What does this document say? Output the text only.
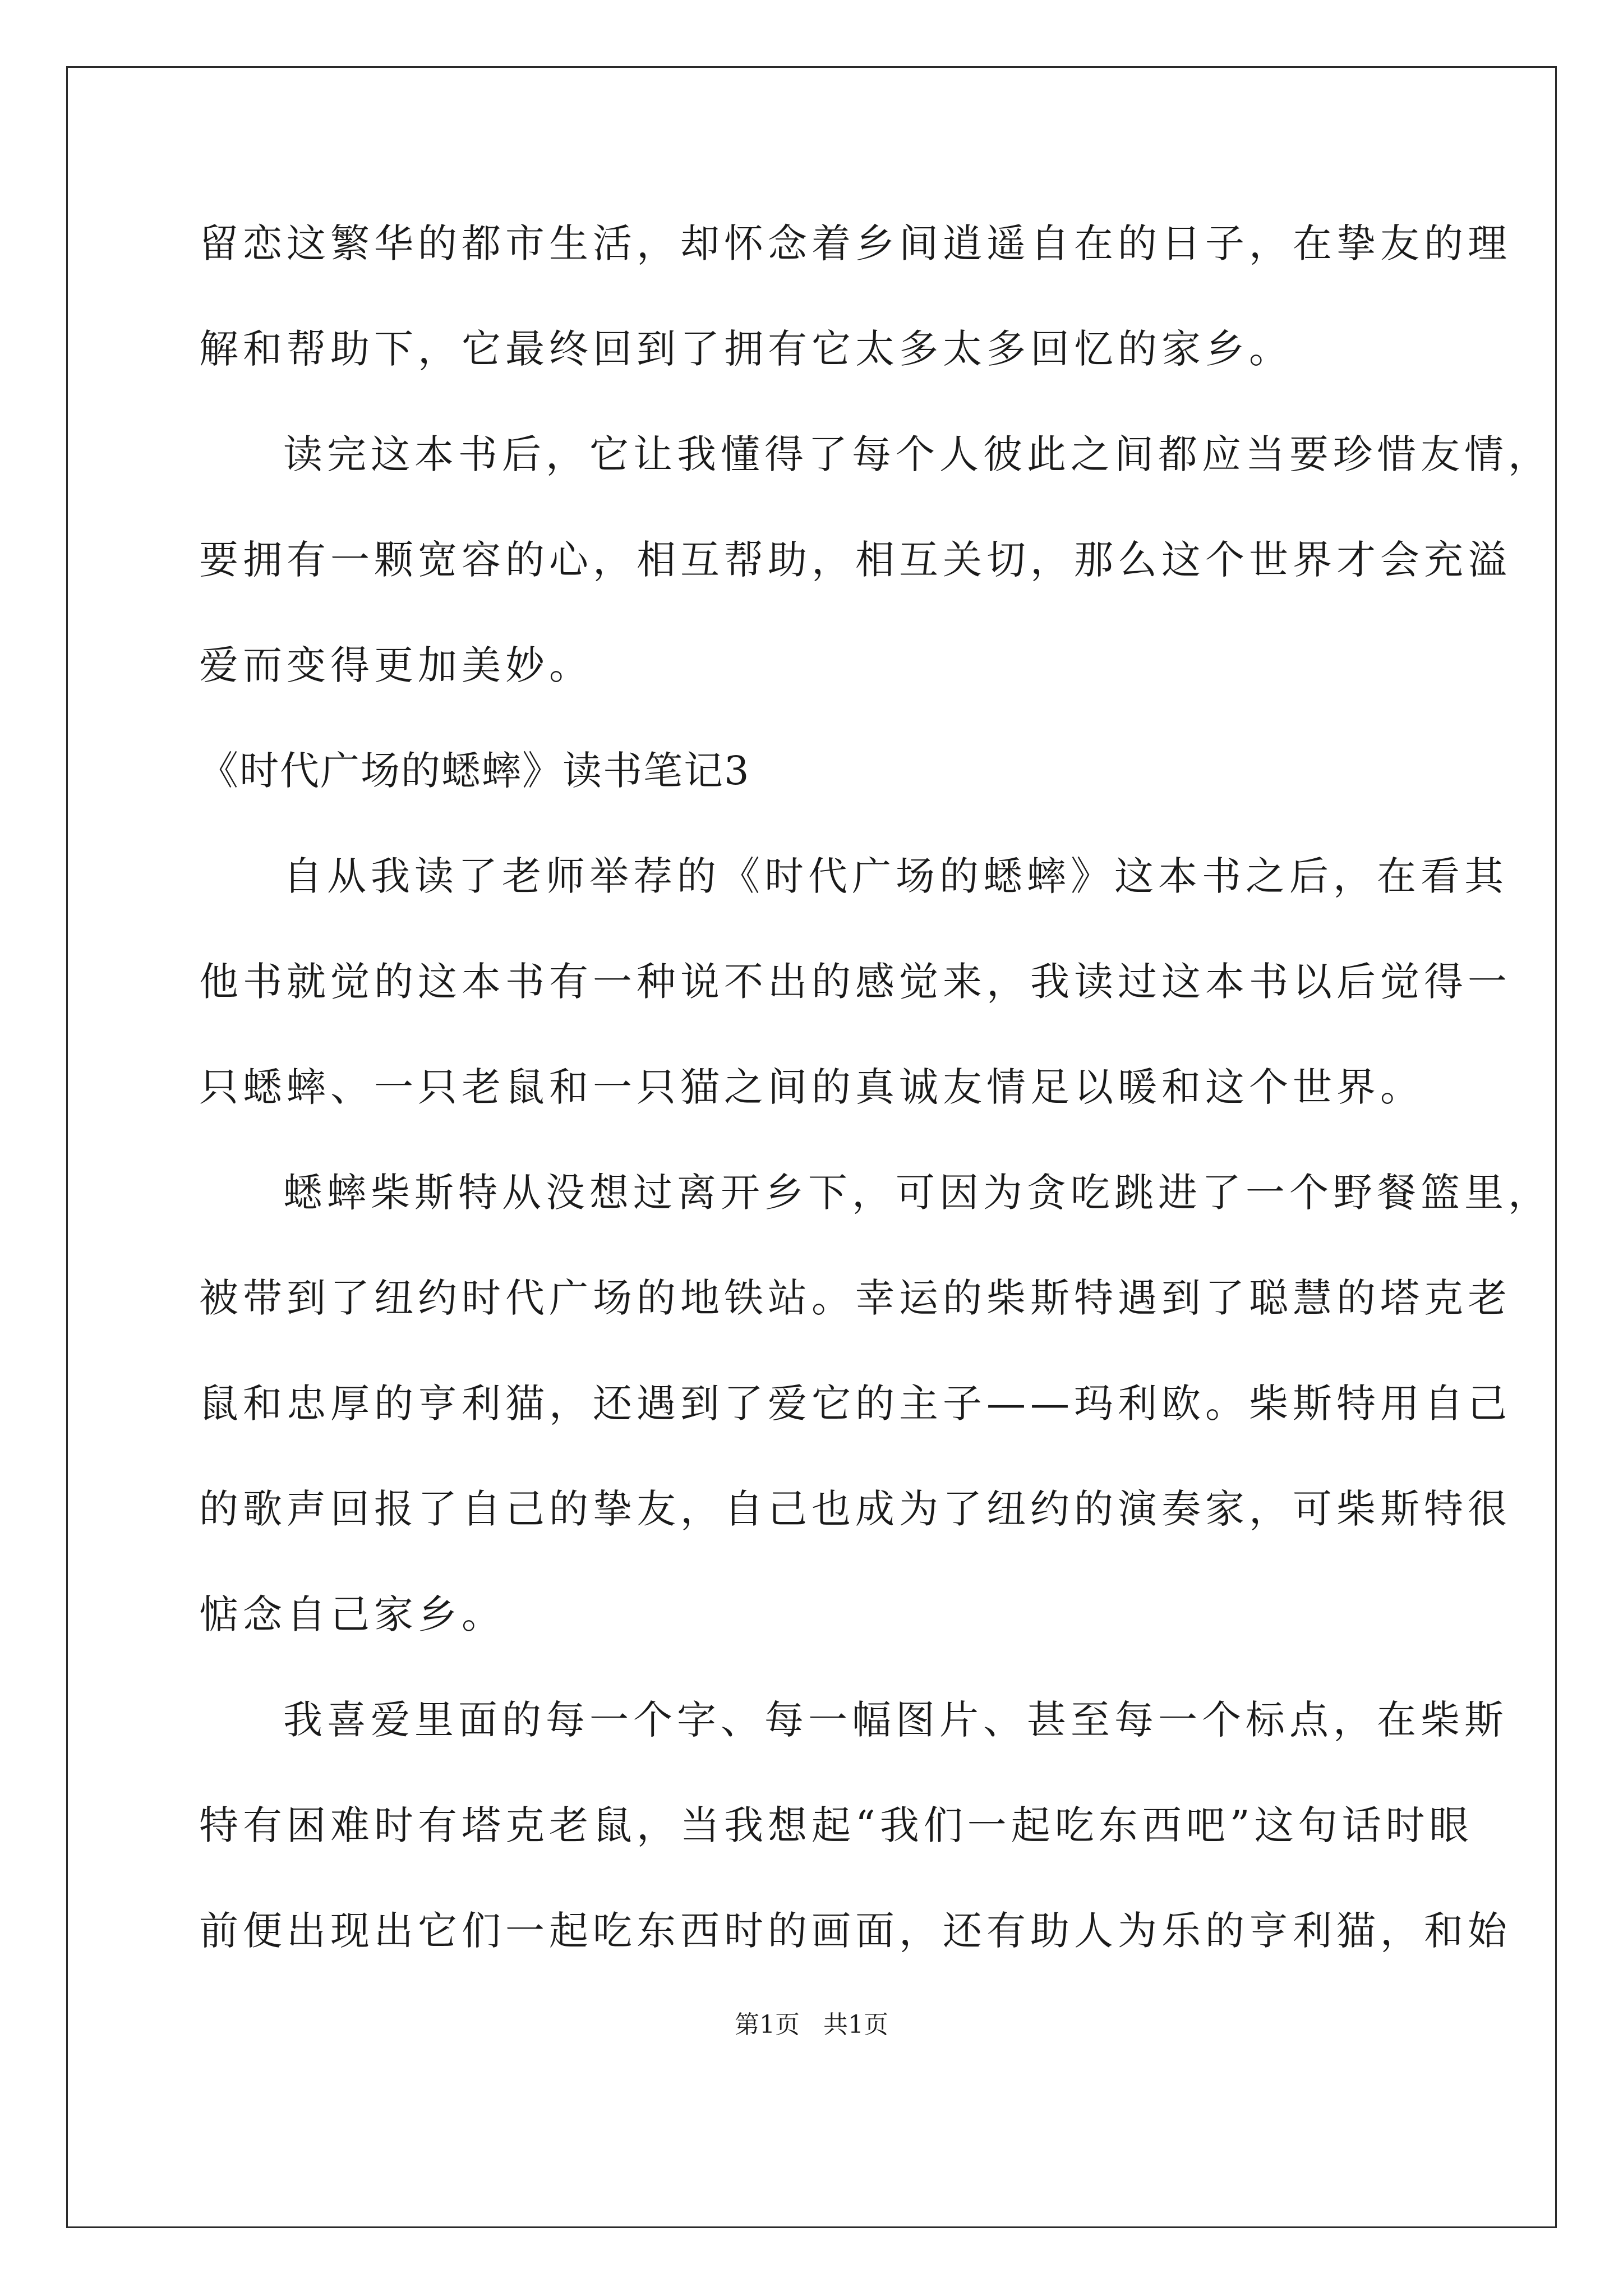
留恋这繁华的都市生活，却怀念着乡间逍遥自在的日子，在挚友的理
解和帮助下，它最终回到了拥有它太多太多回忆的家乡。
读完这本书后，它让我懂得了每个人彼此之间都应当要珍惜友情，
要拥有一颗宽容的心，相互帮助，相互关切，那么这个世界才会充溢
爱而变得更加美妙。
《时代广场的蟋蟀》读书笔记3
自从我读了老师举荐的《时代广场的蟋蟀》这本书之后，在看其
他书就觉的这本书有一种说不出的感觉来，我读过这本书以后觉得一
只蟋蟀、一只老鼠和一只猫之间的真诚友情足以暖和这个世界。
蟋蟀柴斯特从没想过离开乡下，可因为贪吃跳进了一个野餐篮里，
被带到了纽约时代广场的地铁站。幸运的柴斯特遇到了聪慧的塔克老
鼠和忠厚的亨利猫，还遇到了爱它的主子——玛利欧。柴斯特用自己
的歌声回报了自己的挚友，自己也成为了纽约的演奏家，可柴斯特很
惦念自己家乡。
我喜爱里面的每一个字、每一幅图片、甚至每一个标点，在柴斯
特有困难时有塔克老鼠，当我想起“我们一起吃东西吧”这句话时眼
前便出现出它们一起吃东西时的画面，还有助人为乐的亨利猫，和始
第1页 共1页
